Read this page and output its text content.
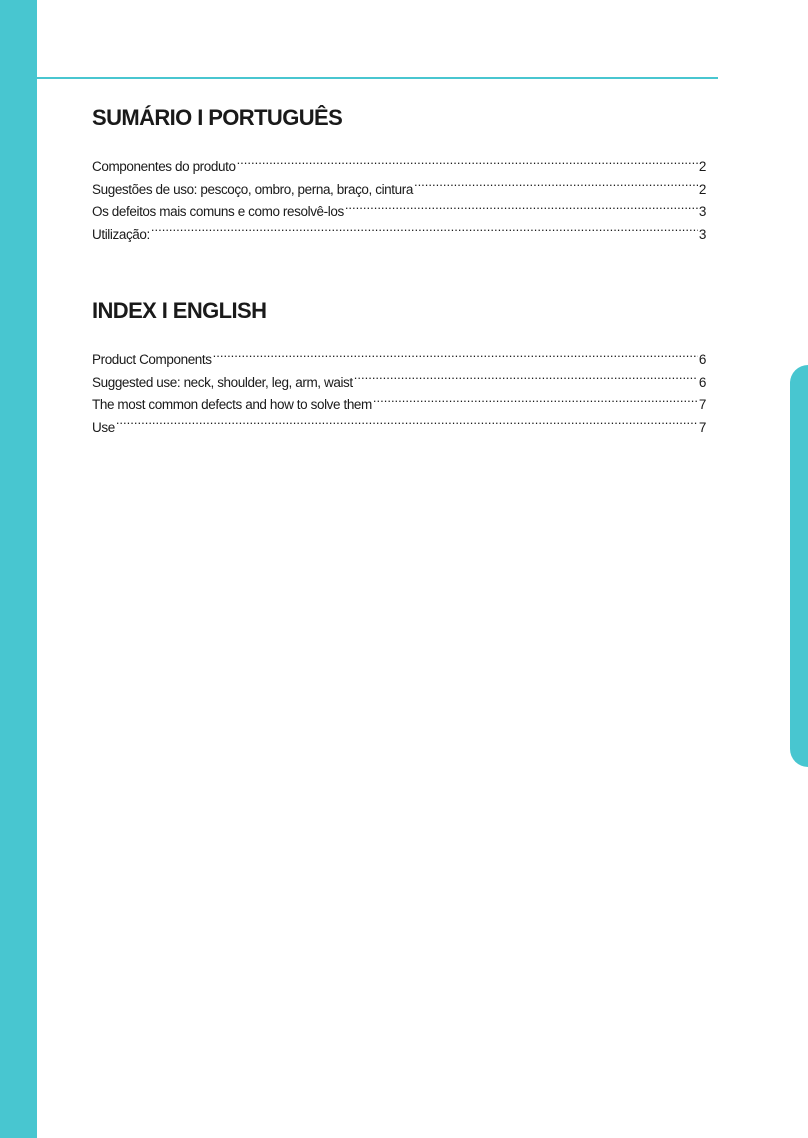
SUMÁRIO I PORTUGUÊS
Componentes do produto .....	2
Sugestões de uso: pescoço, ombro, perna, braço, cintura .....	2
Os defeitos mais comuns e como resolvê-los .....	3
Utilização: .....	3
INDEX I ENGLISH
Product Components .....	6
Suggested use: neck, shoulder, leg, arm, waist .....	6
The most common defects and how to solve them .....	7
Use .....	7
